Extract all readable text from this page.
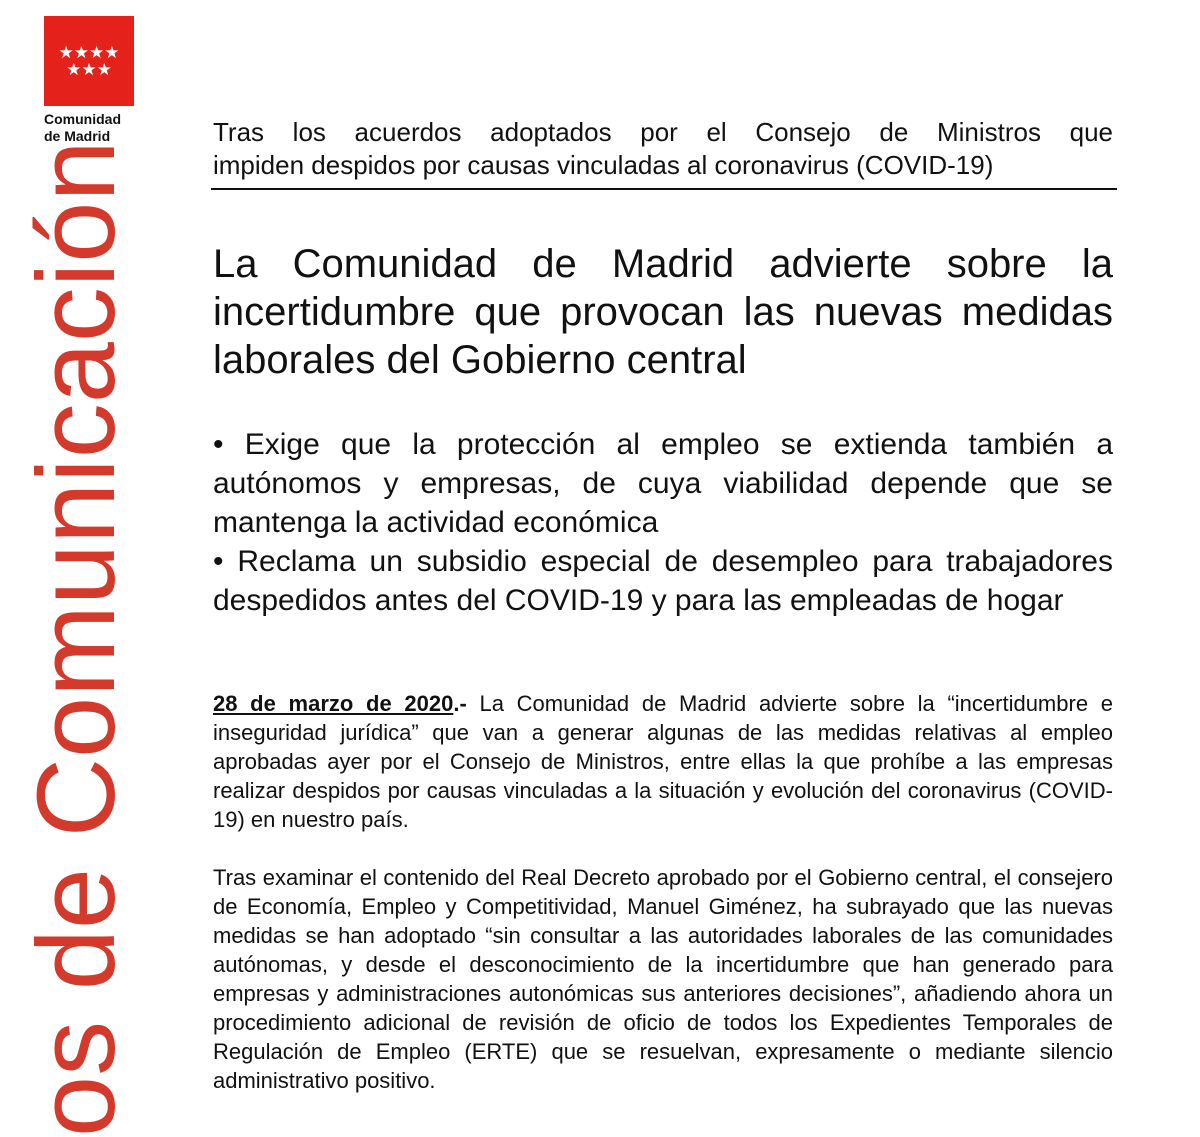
★★★★
★★★
Comunidad
de Madrid
os de Comunicación
Tras los acuerdos adoptados por el Consejo de Ministros que
impiden despidos por causas vinculadas al coronavirus (COVID-19)
La Comunidad de Madrid advierte sobre la incertidumbre que provocan las nuevas medidas laborales del Gobierno central

• Exige que la protección al empleo se extienda también a autónomos y empresas, de cuya viabilidad depende que se mantenga la actividad económica

• Reclama un subsidio especial de desempleo para trabajadores despedidos antes del COVID-19 y para las empleadas de hogar

28 de marzo de 2020.- La Comunidad de Madrid advierte sobre la “incertidumbre e inseguridad jurídica” que van a generar algunas de las medidas relativas al empleo aprobadas ayer por el Consejo de Ministros, entre ellas la que prohíbe a las empresas realizar despidos por causas vinculadas a la situación y evolución del coronavirus (COVID-19) en nuestro país.

Tras examinar el contenido del Real Decreto aprobado por el Gobierno central, el consejero de Economía, Empleo y Competitividad, Manuel Giménez, ha subrayado que las nuevas medidas se han adoptado “sin consultar a las autoridades laborales de las comunidades autónomas, y desde el desconocimiento de la incertidumbre que han generado para empresas y administraciones autonómicas sus anteriores decisiones”, añadiendo ahora un procedimiento adicional de revisión de oficio de todos los Expedientes Temporales de Regulación de Empleo (ERTE) que se resuelvan, expresamente o mediante silencio administrativo positivo.
